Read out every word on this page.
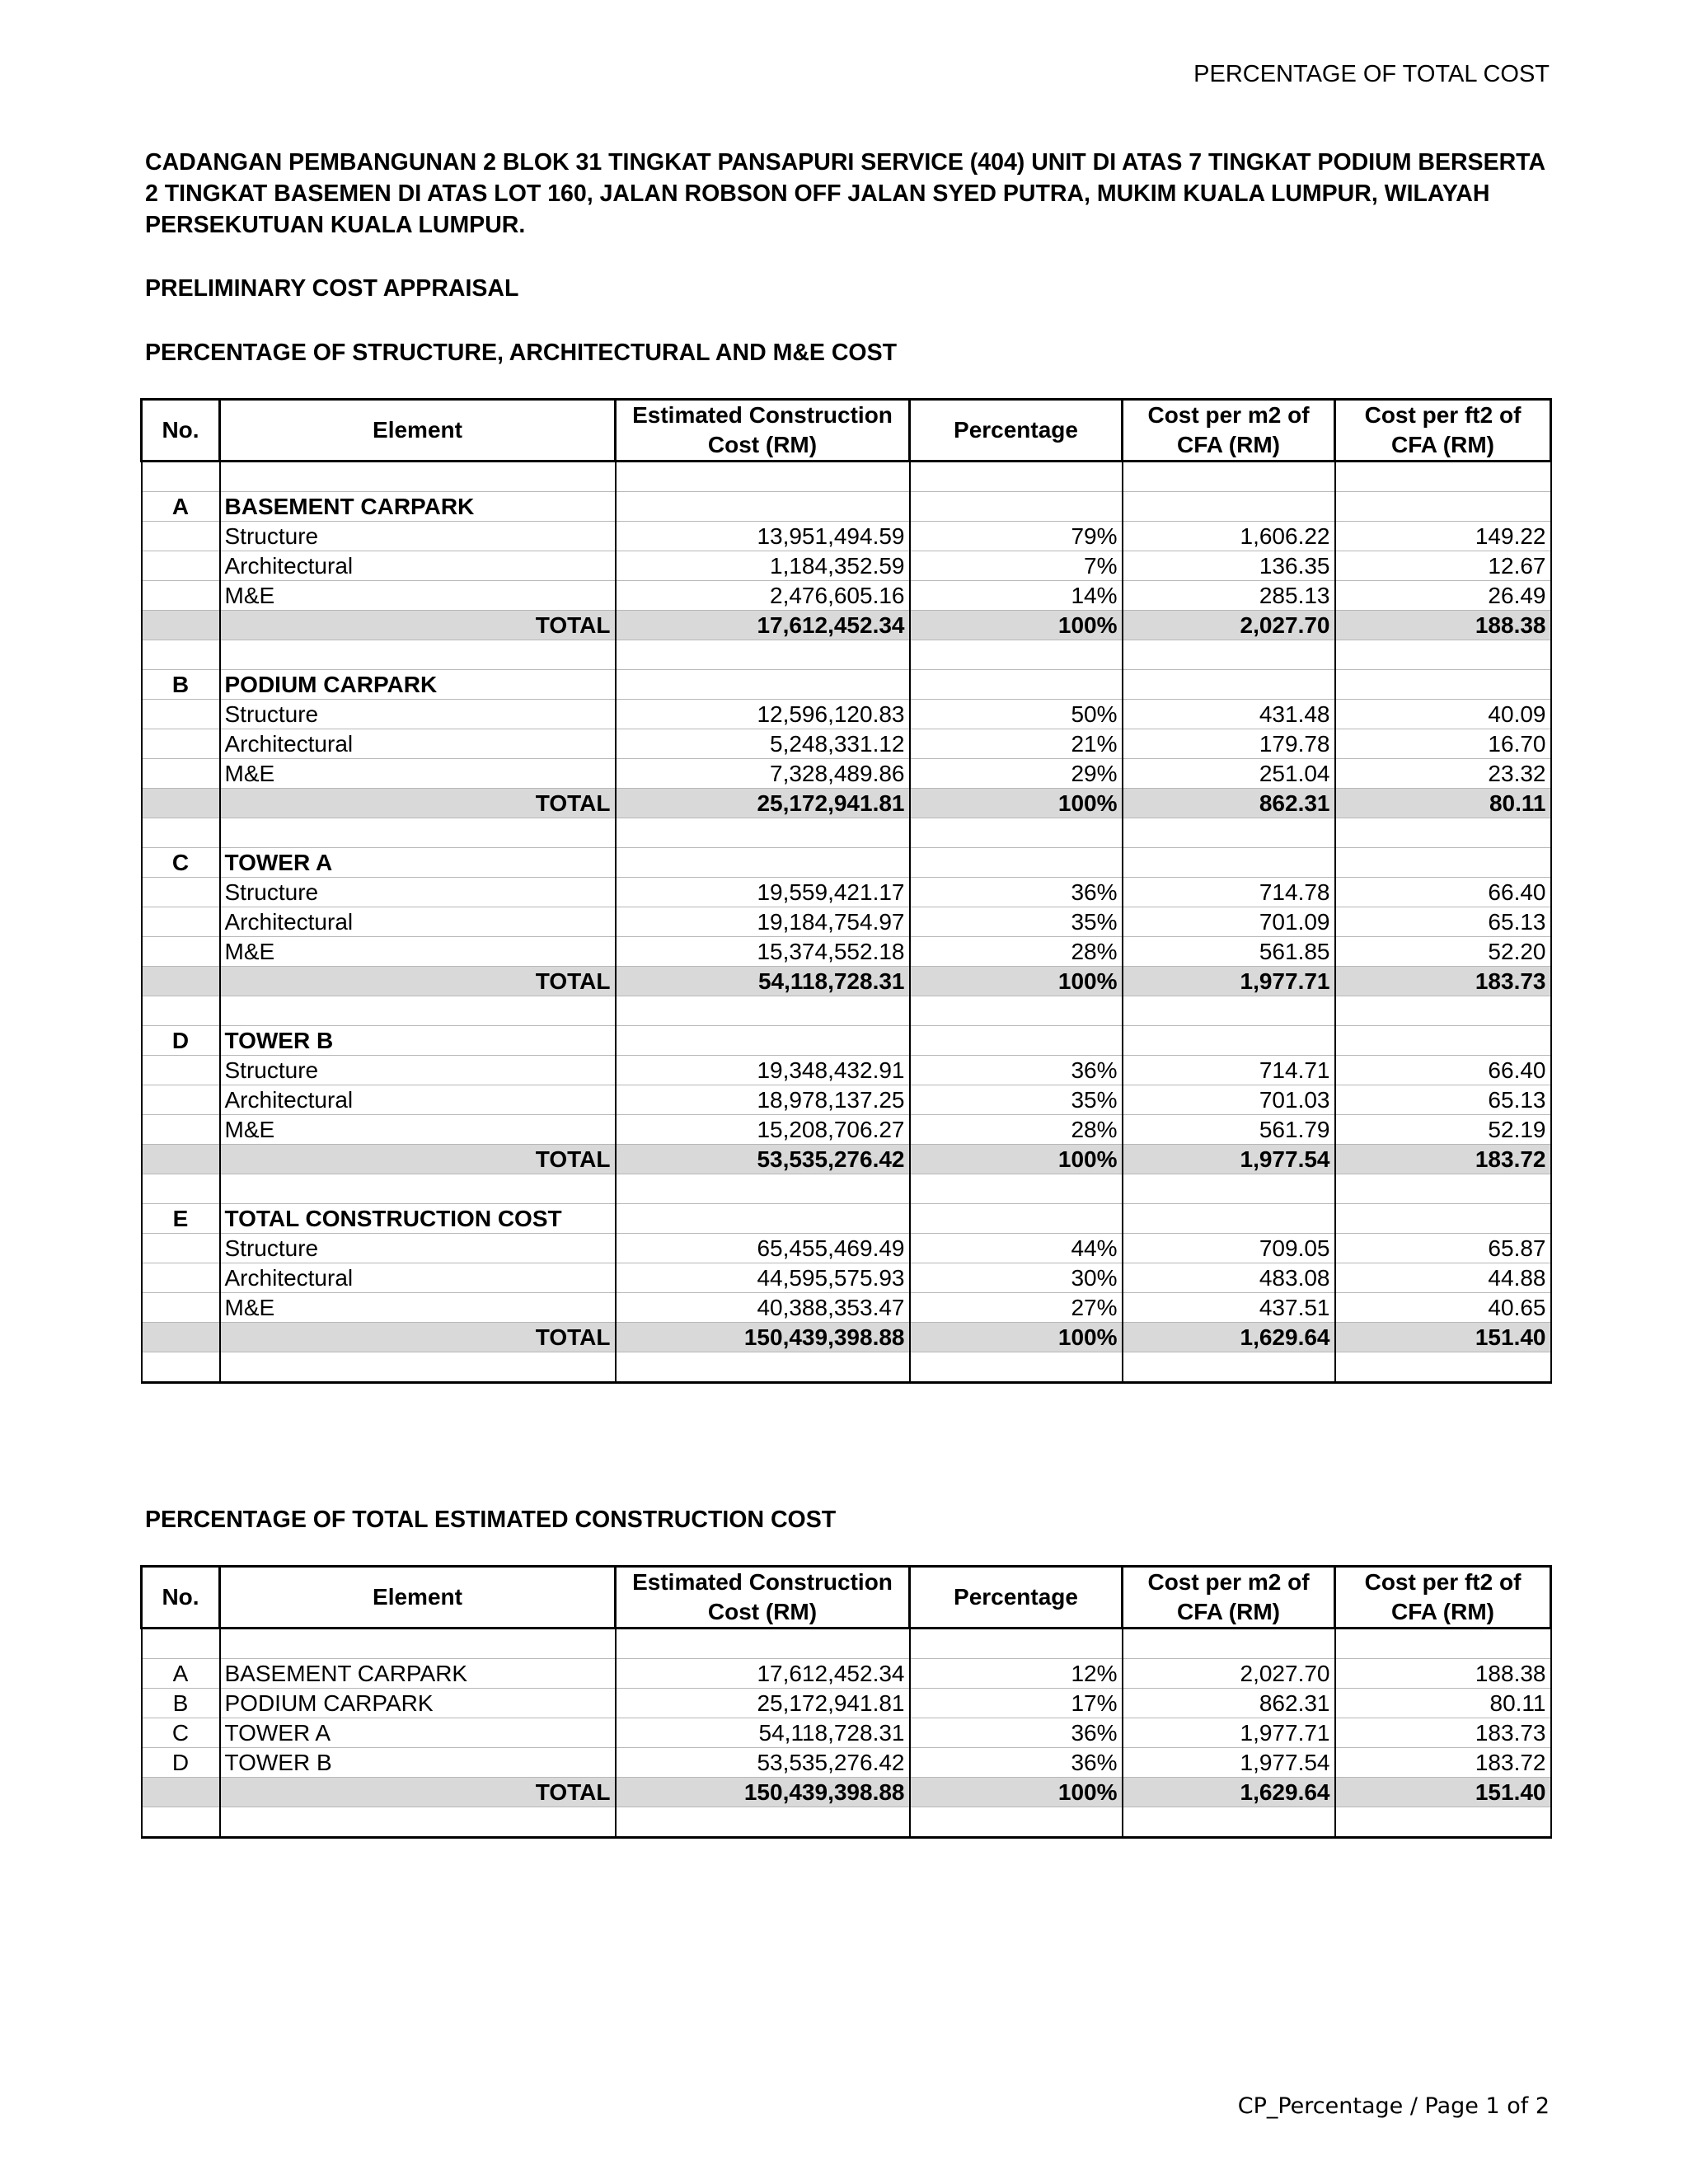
PERCENTAGE OF TOTAL COST
CADANGAN PEMBANGUNAN 2 BLOK 31 TINGKAT PANSAPURI SERVICE (404) UNIT DI ATAS 7 TINGKAT PODIUM BERSERTA 2 TINGKAT BASEMEN DI ATAS LOT 160, JALAN ROBSON OFF JALAN SYED PUTRA, MUKIM KUALA LUMPUR, WILAYAH PERSEKUTUAN KUALA LUMPUR.
PRELIMINARY COST APPRAISAL
PERCENTAGE OF STRUCTURE, ARCHITECTURAL AND M&E COST
No.	Element	Estimated Construction Cost (RM)	Percentage	Cost per m2 of CFA (RM)	Cost per ft2 of CFA (RM)

A	BASEMENT CARPARK				
	Structure	13,951,494.59	79%	1,606.22	149.22
	Architectural	1,184,352.59	7%	136.35	12.67
	M&E	2,476,605.16	14%	285.13	26.49
	TOTAL	17,612,452.34	100%	2,027.70	188.38

B	PODIUM CARPARK				
	Structure	12,596,120.83	50%	431.48	40.09
	Architectural	5,248,331.12	21%	179.78	16.70
	M&E	7,328,489.86	29%	251.04	23.32
	TOTAL	25,172,941.81	100%	862.31	80.11

C	TOWER A				
	Structure	19,559,421.17	36%	714.78	66.40
	Architectural	19,184,754.97	35%	701.09	65.13
	M&E	15,374,552.18	28%	561.85	52.20
	TOTAL	54,118,728.31	100%	1,977.71	183.73

D	TOWER B				
	Structure	19,348,432.91	36%	714.71	66.40
	Architectural	18,978,137.25	35%	701.03	65.13
	M&E	15,208,706.27	28%	561.79	52.19
	TOTAL	53,535,276.42	100%	1,977.54	183.72

E	TOTAL CONSTRUCTION COST				
	Structure	65,455,469.49	44%	709.05	65.87
	Architectural	44,595,575.93	30%	483.08	44.88
	M&E	40,388,353.47	27%	437.51	40.65
	TOTAL	150,439,398.88	100%	1,629.64	151.40

PERCENTAGE OF TOTAL ESTIMATED CONSTRUCTION COST
No.	Element	Estimated Construction Cost (RM)	Percentage	Cost per m2 of CFA (RM)	Cost per ft2 of CFA (RM)

A	BASEMENT CARPARK	17,612,452.34	12%	2,027.70	188.38
B	PODIUM CARPARK	25,172,941.81	17%	862.31	80.11
C	TOWER A	54,118,728.31	36%	1,977.71	183.73
D	TOWER B	53,535,276.42	36%	1,977.54	183.72
	TOTAL	150,439,398.88	100%	1,629.64	151.40

CP_Percentage / Page 1 of 2
